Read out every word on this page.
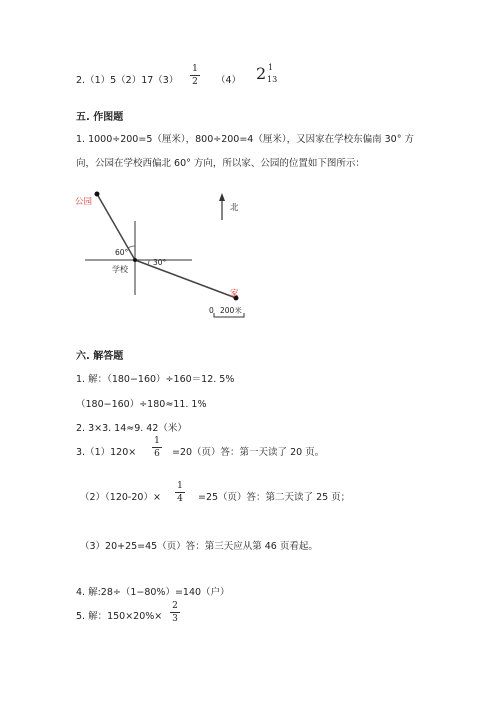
2.（1）5（2）17（3）
1
2 （4） 2 1
13
五. 作图题
1. 1000÷200=5（厘米），800÷200=4（厘米），又因家在学校东偏南 30° 方
向，公园在学校西偏北 60° 方向，所以家、公园的位置如下图所示：
公园
家
学校
北
60°
30°
0 200米
六. 解答题
1. 解：（180−160）÷160＝12. 5%
（180−160）÷180≈11. 1%
2. 3×3. 14≈9. 42（米）
3.（1）120×
1
6 =20（页）答：第一天读了 20 页。
（2）（120-20）×
1
4 =25（页）答：第二天读了 25 页；
（3）20+25=45（页）答：第三天应从第 46 页看起。
4. 解:28÷（1−80%）=140（户）
5. 解：150×20%×
2
3
